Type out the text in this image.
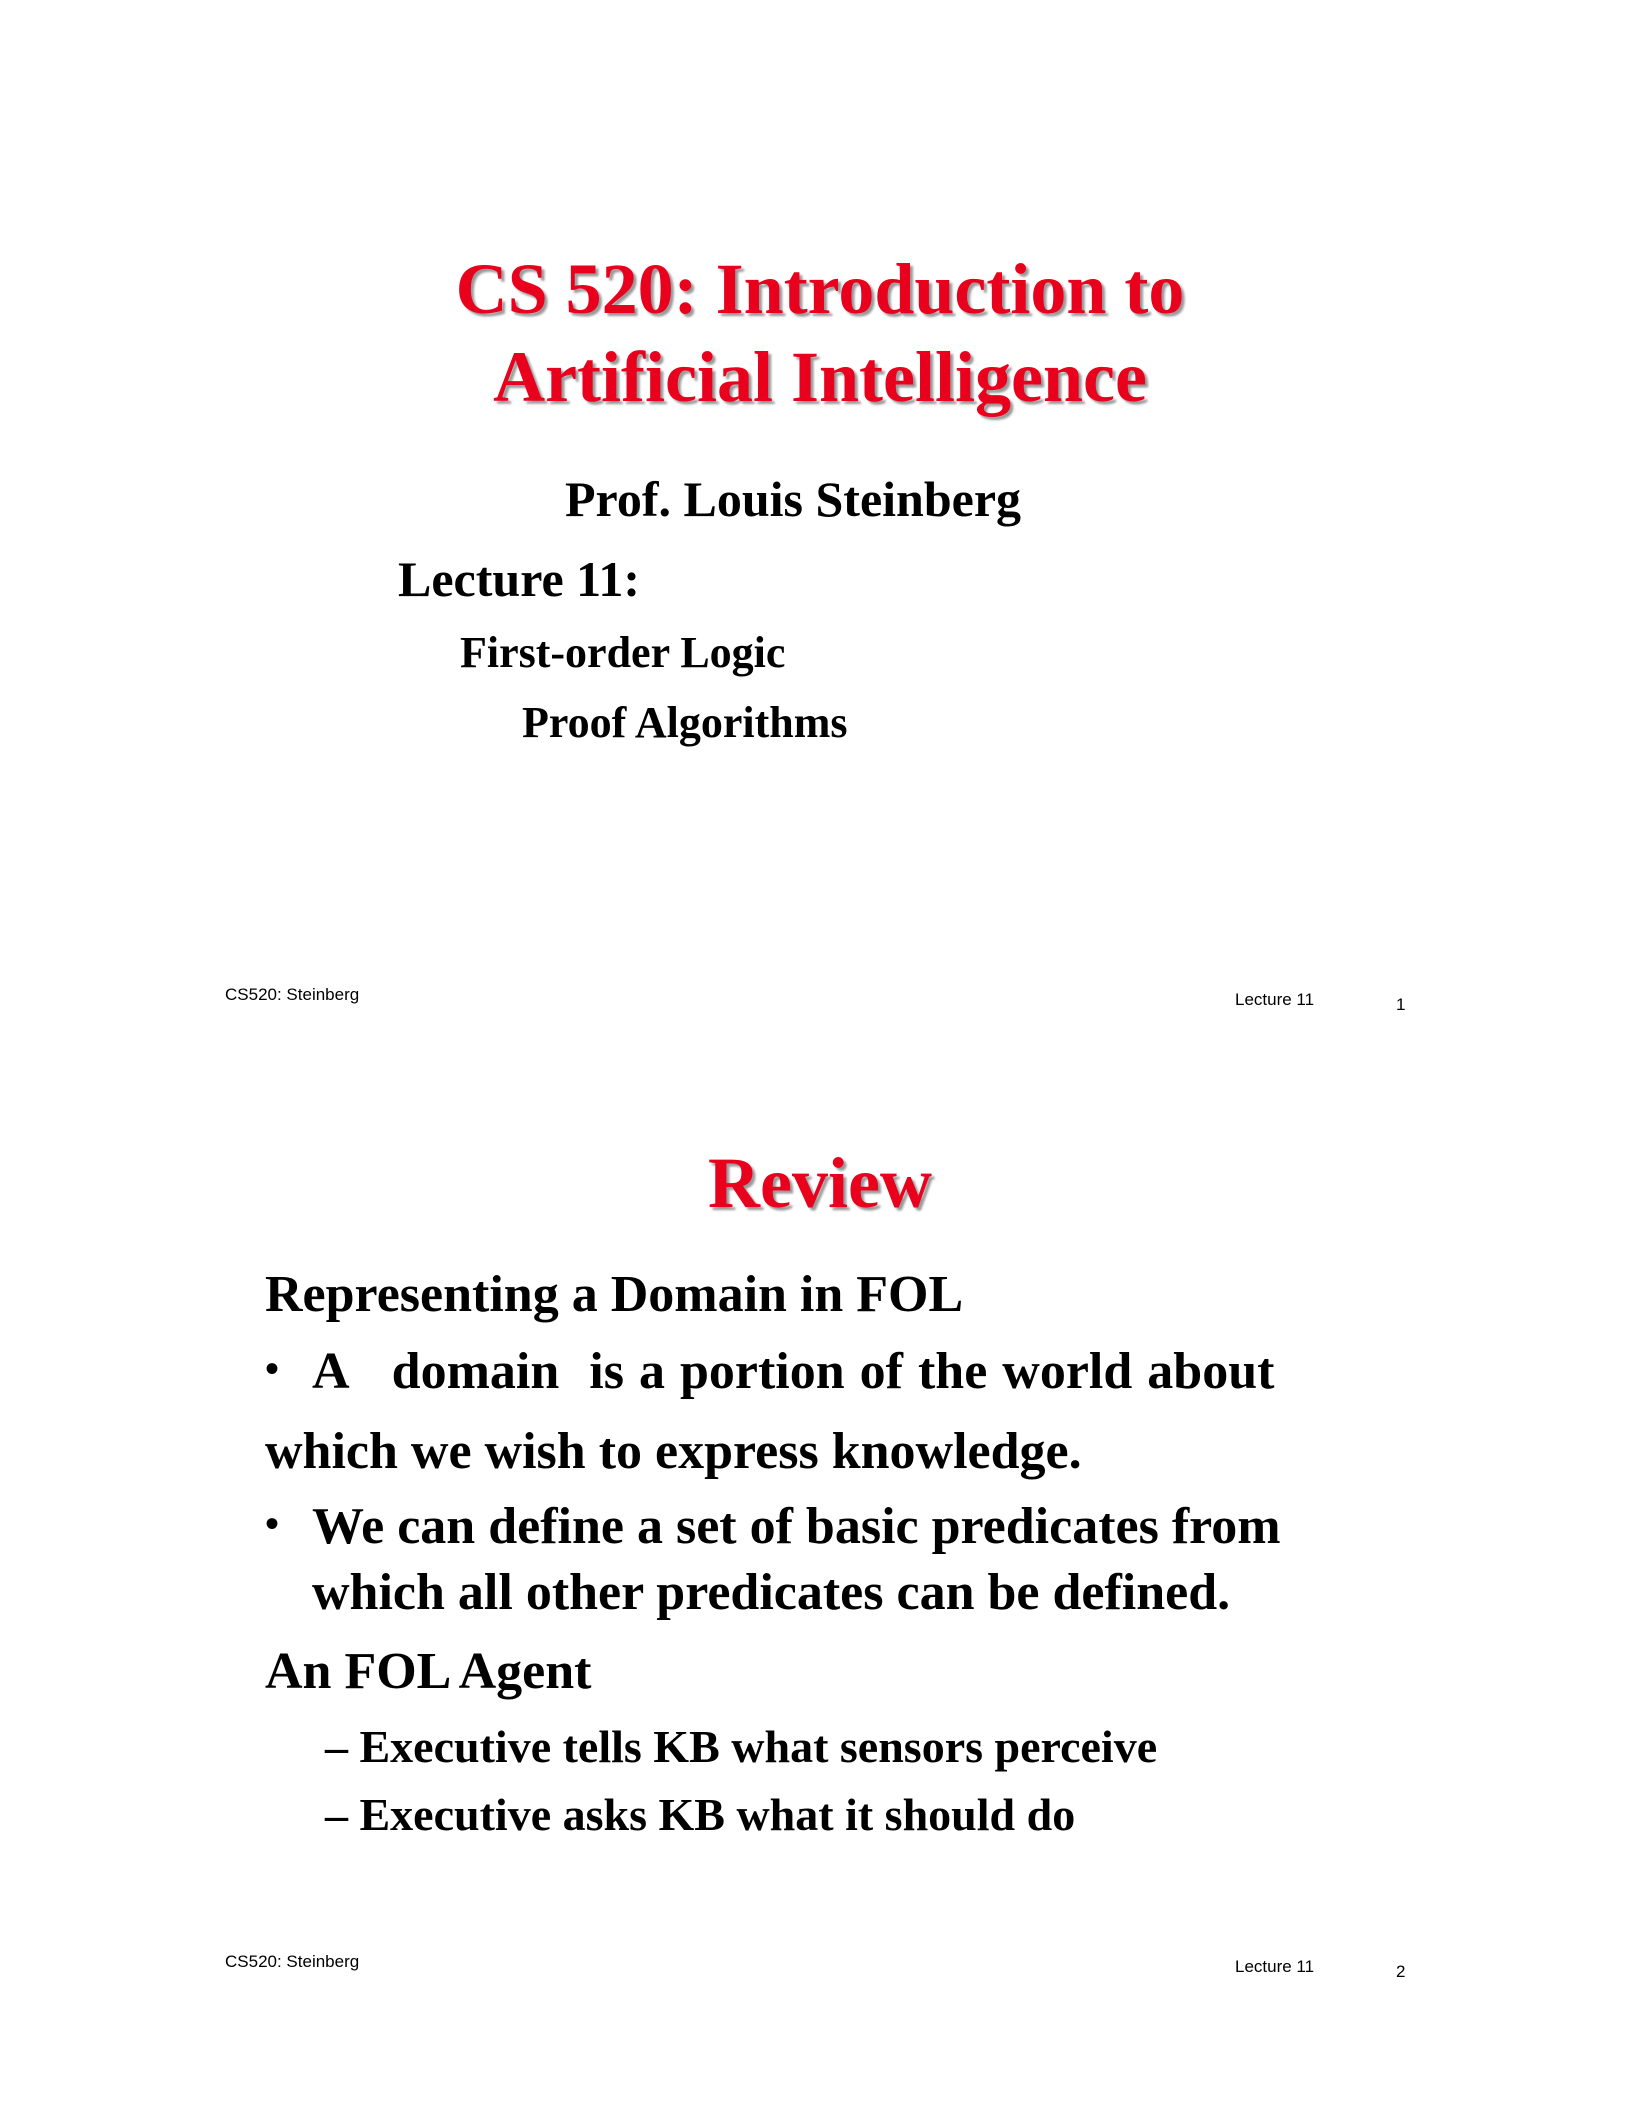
CS 520: Introduction to
Artificial Intelligence
Prof. Louis Steinberg
Lecture 11:
First-order Logic
Proof Algorithms
CS520: Steinberg	Lecture 11	1
Review
Representing a Domain in FOL
• A   domain  is a portion of the world about
which we wish to express knowledge.
• We can define a set of basic predicates from
which all other predicates can be defined.
An FOL Agent
– Executive tells KB what sensors perceive
– Executive asks KB what it should do
CS520: Steinberg	Lecture 11	2
